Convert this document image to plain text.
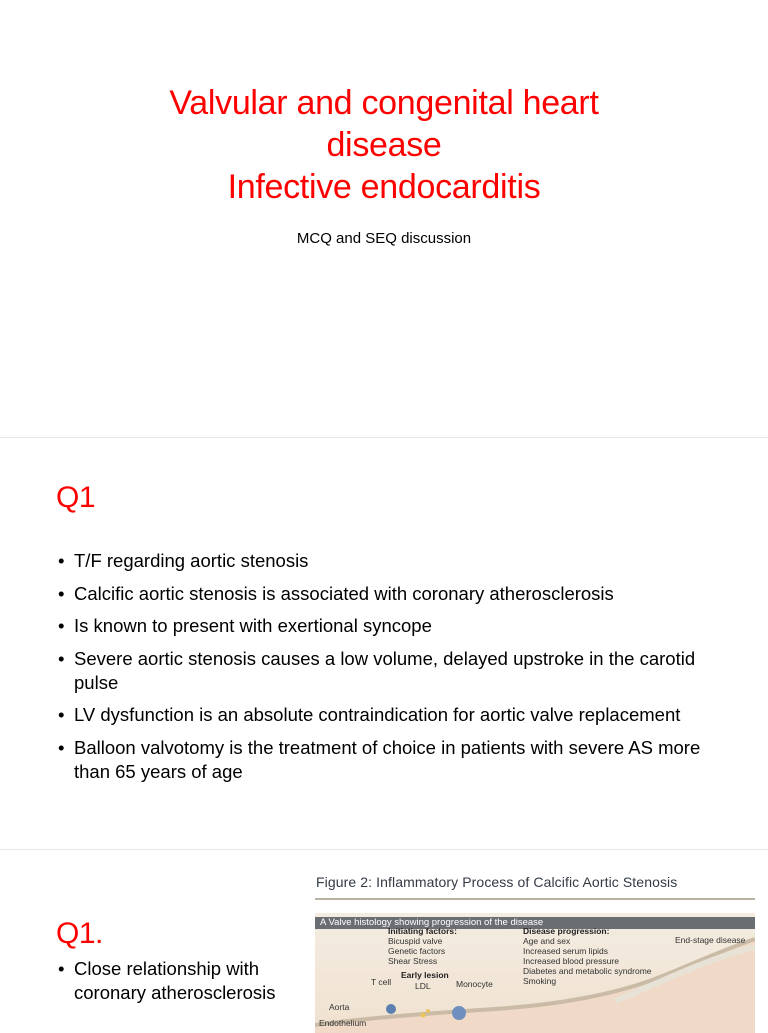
Valvular and congenital heart
disease
Infective endocarditis
MCQ and SEQ discussion
Q1
• T/F regarding aortic stenosis
• Calcific aortic stenosis is associated with coronary atherosclerosis
• Is known to present with exertional syncope
• Severe aortic stenosis causes a low volume, delayed upstroke in the carotid pulse
• LV dysfunction is an absolute contraindication for aortic valve replacement
• Balloon valvotomy is the treatment of choice in patients with severe AS more than 65 years of age
Q1.
• Close relationship with coronary atherosclerosis
Figure 2: Inflammatory Process of Calcific Aortic Stenosis
A Valve histology showing progression of the disease
Initiating factors:
Bicuspid valve
Genetic factors
Shear Stress
Disease progression:
Age and sex
Increased serum lipids
Increased blood pressure
Diabetes and metabolic syndrome
Smoking
End-stage disease
Early lesion
T cell	LDL	Monocyte
Aorta
Endothelium
